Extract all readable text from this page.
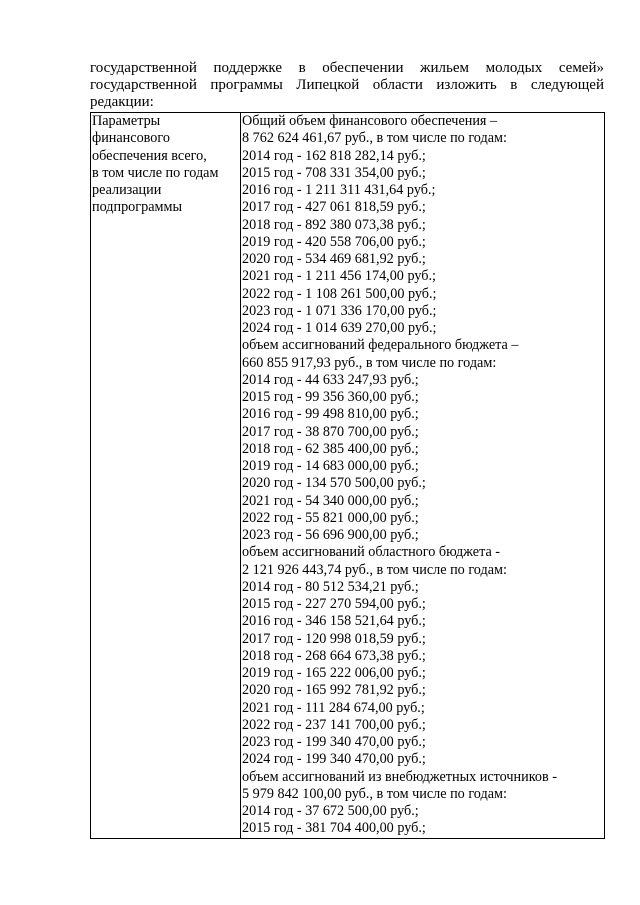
государственной поддержке в обеспечении жильем молодых семей»
государственной программы Липецкой области изложить в следующей
редакции:
Параметры
финансового
обеспечения всего,
в том числе по годам
реализации
подпрограммы

Общий объем финансового обеспечения –
8 762 624 461,67 руб., в том числе по годам:
2014 год - 162 818 282,14 руб.;
2015 год - 708 331 354,00 руб.;
2016 год - 1 211 311 431,64 руб.;
2017 год - 427 061 818,59 руб.;
2018 год - 892 380 073,38 руб.;
2019 год - 420 558 706,00 руб.;
2020 год - 534 469 681,92 руб.;
2021 год - 1 211 456 174,00 руб.;
2022 год - 1 108 261 500,00 руб.;
2023 год - 1 071 336 170,00 руб.;
2024 год - 1 014 639 270,00 руб.;
объем ассигнований федерального бюджета –
660 855 917,93 руб., в том числе по годам:
2014 год - 44 633 247,93 руб.;
2015 год - 99 356 360,00 руб.;
2016 год - 99 498 810,00 руб.;
2017 год - 38 870 700,00 руб.;
2018 год - 62 385 400,00 руб.;
2019 год - 14 683 000,00 руб.;
2020 год - 134 570 500,00 руб.;
2021 год - 54 340 000,00 руб.;
2022 год - 55 821 000,00 руб.;
2023 год - 56 696 900,00 руб.;
объем ассигнований областного бюджета -
2 121 926 443,74 руб., в том числе по годам:
2014 год - 80 512 534,21 руб.;
2015 год - 227 270 594,00 руб.;
2016 год - 346 158 521,64 руб.;
2017 год - 120 998 018,59 руб.;
2018 год - 268 664 673,38 руб.;
2019 год - 165 222 006,00 руб.;
2020 год - 165 992 781,92 руб.;
2021 год - 111 284 674,00 руб.;
2022 год - 237 141 700,00 руб.;
2023 год - 199 340 470,00 руб.;
2024 год - 199 340 470,00 руб.;
объем ассигнований из внебюджетных источников -
5 979 842 100,00 руб., в том числе по годам:
2014 год - 37 672 500,00 руб.;
2015 год - 381 704 400,00 руб.;
